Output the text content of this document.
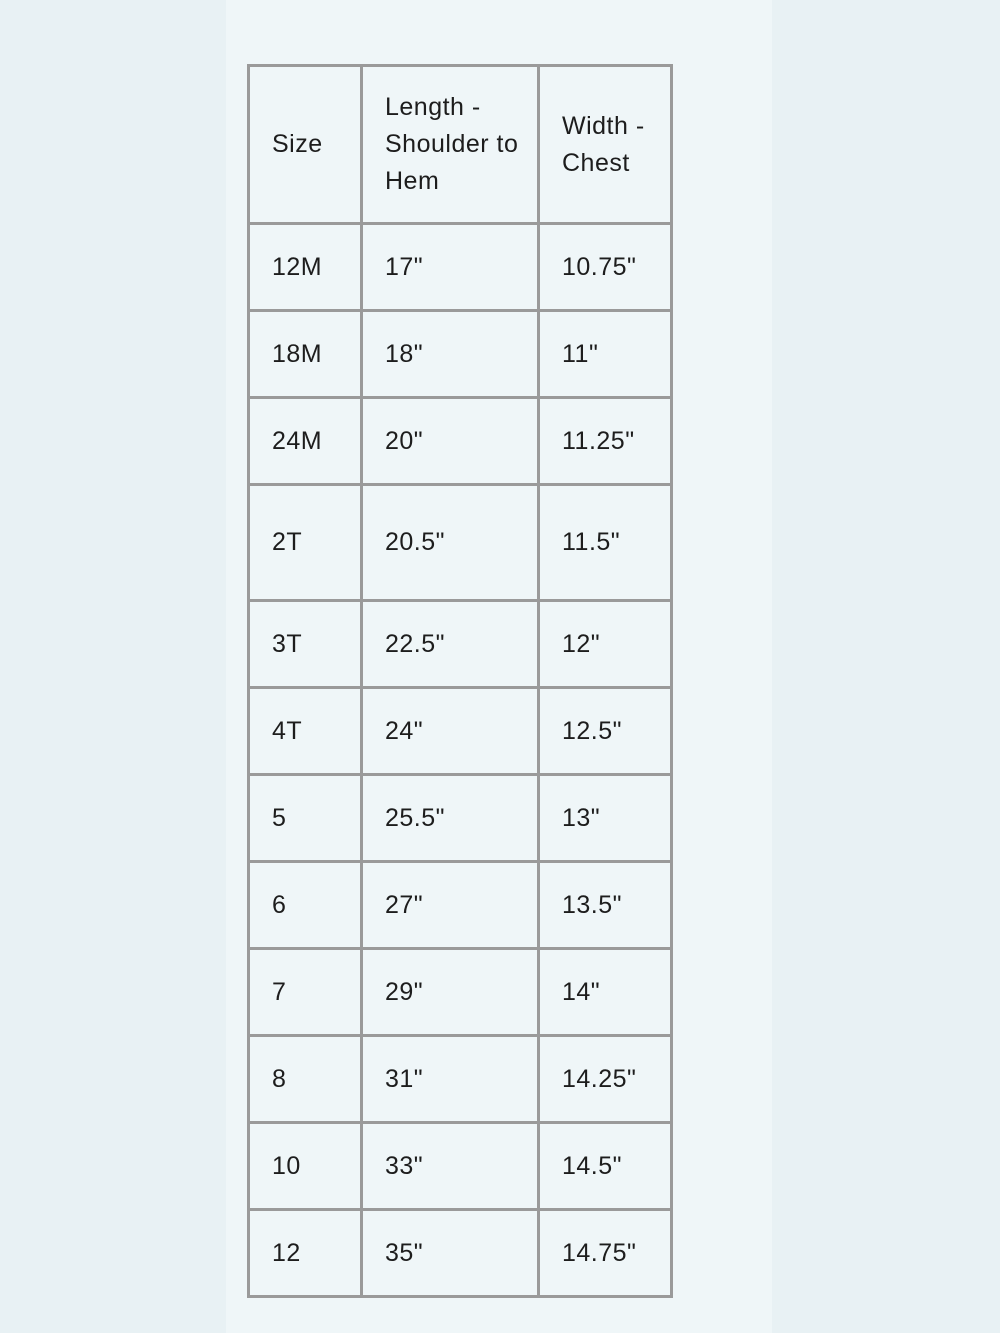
Size	Length - Shoulder to Hem	Width - Chest
12M	17"	10.75"
18M	18"	11"
24M	20"	11.25"
2T	20.5"	11.5"
3T	22.5"	12"
4T	24"	12.5"
5	25.5"	13"
6	27"	13.5"
7	29"	14"
8	31"	14.25"
10	33"	14.5"
12	35"	14.75"
